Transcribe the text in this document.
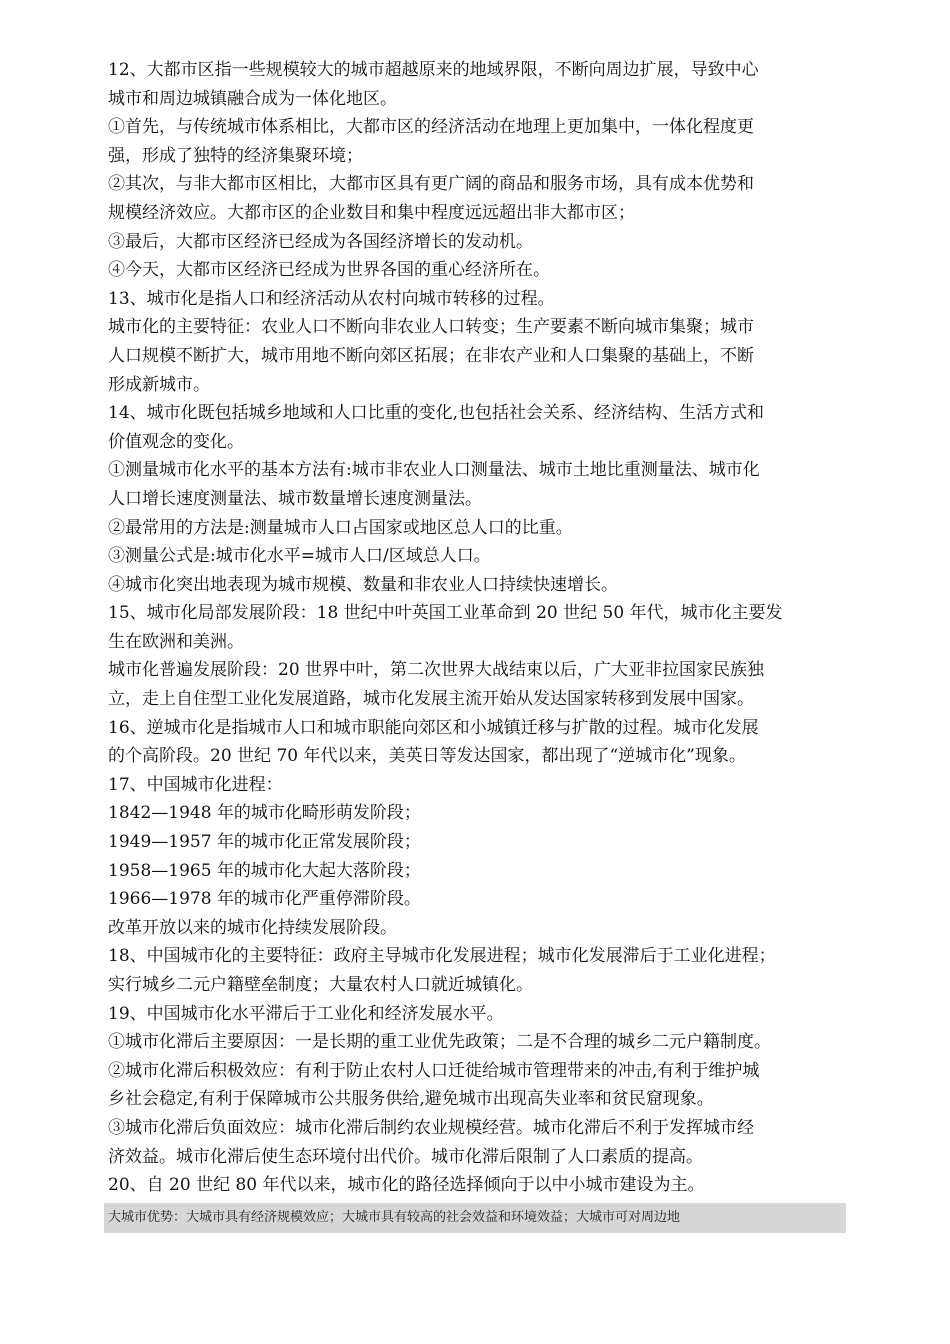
12、大都市区指一些规模较大的城市超越原来的地域界限，不断向周边扩展，导致中心
城市和周边城镇融合成为一体化地区。
①首先，与传统城市体系相比，大都市区的经济活动在地理上更加集中，一体化程度更
强，形成了独特的经济集聚环境；
②其次，与非大都市区相比，大都市区具有更广阔的商品和服务市场，具有成本优势和
规模经济效应。大都市区的企业数目和集中程度远远超出非大都市区；
③最后，大都市区经济已经成为各国经济增长的发动机。
④今天，大都市区经济已经成为世界各国的重心经济所在。
13、城市化是指人口和经济活动从农村向城市转移的过程。
城市化的主要特征：农业人口不断向非农业人口转变；生产要素不断向城市集聚；城市
人口规模不断扩大，城市用地不断向郊区拓展；在非农产业和人口集聚的基础上，不断
形成新城市。
14、城市化既包括城乡地域和人口比重的变化,也包括社会关系、经济结构、生活方式和
价值观念的变化。
①测量城市化水平的基本方法有:城市非农业人口测量法、城市土地比重测量法、城市化
人口增长速度测量法、城市数量增长速度测量法。
②最常用的方法是:测量城市人口占国家或地区总人口的比重。
③测量公式是:城市化水平=城市人口/区域总人口。
④城市化突出地表现为城市规模、数量和非农业人口持续快速增长。
15、城市化局部发展阶段：18 世纪中叶英国工业革命到 20 世纪 50 年代，城市化主要发
生在欧洲和美洲。
城市化普遍发展阶段：20 世界中叶，第二次世界大战结束以后，广大亚非拉国家民族独
立，走上自住型工业化发展道路，城市化发展主流开始从发达国家转移到发展中国家。
16、逆城市化是指城市人口和城市职能向郊区和小城镇迁移与扩散的过程。城市化发展
的个高阶段。20 世纪 70 年代以来，美英日等发达国家，都出现了“逆城市化”现象。
17、中国城市化进程：
1842—1948 年的城市化畸形萌发阶段；
1949—1957 年的城市化正常发展阶段；
1958—1965 年的城市化大起大落阶段；
1966—1978 年的城市化严重停滞阶段。
改革开放以来的城市化持续发展阶段。
18、中国城市化的主要特征：政府主导城市化发展进程；城市化发展滞后于工业化进程；
实行城乡二元户籍壁垒制度；大量农村人口就近城镇化。
19、中国城市化水平滞后于工业化和经济发展水平。
①城市化滞后主要原因：一是长期的重工业优先政策；二是不合理的城乡二元户籍制度。
②城市化滞后积极效应：有利于防止农村人口迁徙给城市管理带来的冲击,有利于维护城
乡社会稳定,有利于保障城市公共服务供给,避免城市出现高失业率和贫民窟现象。
③城市化滞后负面效应：城市化滞后制约农业规模经营。城市化滞后不利于发挥城市经
济效益。城市化滞后使生态环境付出代价。城市化滞后限制了人口素质的提高。
20、自 20 世纪 80 年代以来，城市化的路径选择倾向于以中小城市建设为主。
大城市优势：大城市具有经济规模效应；大城市具有较高的社会效益和环境效益；大城市可对周边地
